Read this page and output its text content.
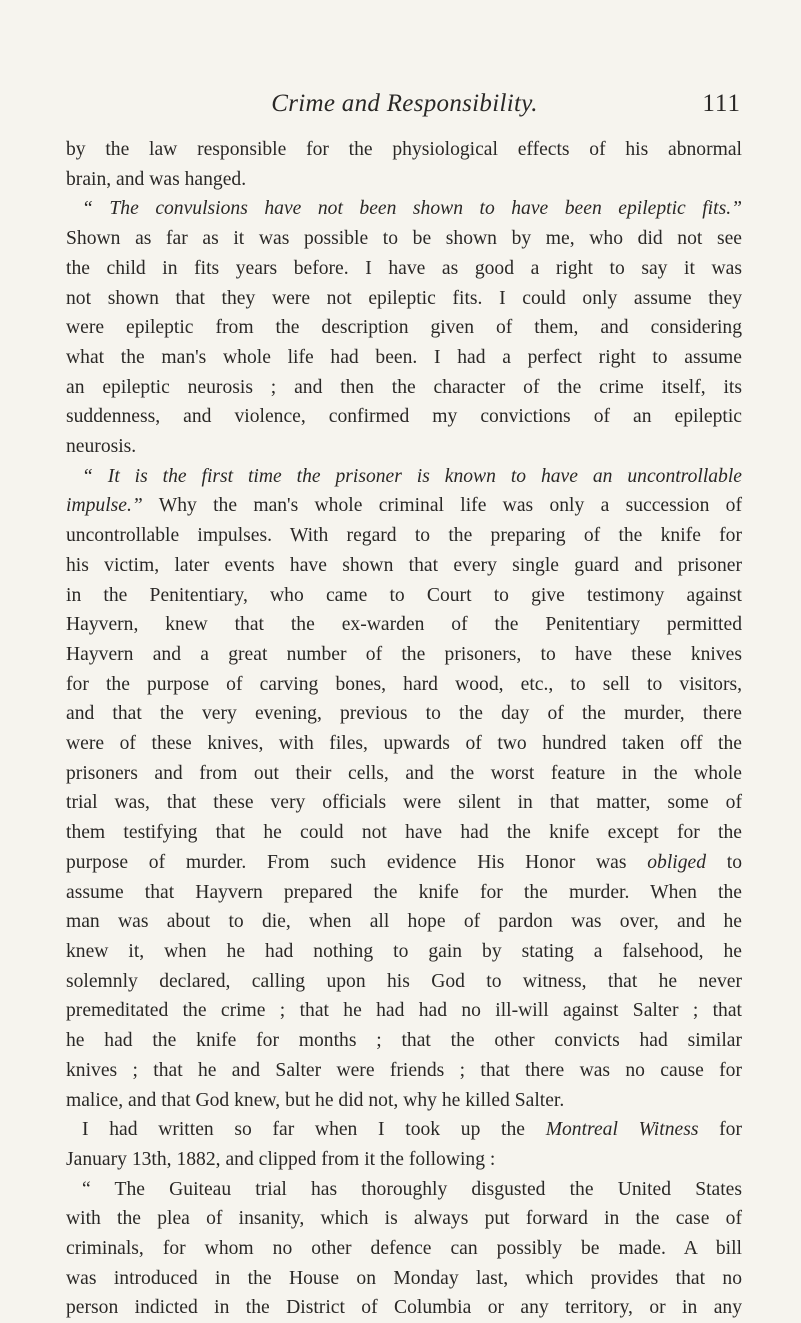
Crime and Responsibility.	111
by the law responsible for the physiological effects of his abnormal
brain, and was hanged.
“ The convulsions have not been shown to have been epileptic fits.”
Shown as far as it was possible to be shown by me, who did not see
the child in fits years before. I have as good a right to say it was
not shown that they were not epileptic fits. I could only assume they
were epileptic from the description given of them, and considering
what the man's whole life had been. I had a perfect right to assume
an epileptic neurosis ; and then the character of the crime itself, its
suddenness, and violence, confirmed my convictions of an epileptic
neurosis.
“ It is the first time the prisoner is known to have an uncontrollable
impulse.” Why the man's whole criminal life was only a succession of
uncontrollable impulses. With regard to the preparing of the knife for
his victim, later events have shown that every single guard and prisoner
in the Penitentiary, who came to Court to give testimony against
Hayvern, knew that the ex-warden of the Penitentiary permitted
Hayvern and a great number of the prisoners, to have these knives
for the purpose of carving bones, hard wood, etc., to sell to visitors,
and that the very evening, previous to the day of the murder, there
were of these knives, with files, upwards of two hundred taken off the
prisoners and from out their cells, and the worst feature in the whole
trial was, that these very officials were silent in that matter, some of
them testifying that he could not have had the knife except for the
purpose of murder. From such evidence His Honor was obliged to
assume that Hayvern prepared the knife for the murder. When the
man was about to die, when all hope of pardon was over, and he
knew it, when he had nothing to gain by stating a falsehood, he
solemnly declared, calling upon his God to witness, that he never
premeditated the crime ; that he had had no ill-will against Salter ; that
he had the knife for months ; that the other convicts had similar
knives ; that he and Salter were friends ; that there was no cause for
malice, and that God knew, but he did not, why he killed Salter.
I had written so far when I took up the Montreal Witness for
January 13th, 1882, and clipped from it the following :
“ The Guiteau trial has thoroughly disgusted the United States
with the plea of insanity, which is always put forward in the case of
criminals, for whom no other defence can possibly be made. A bill
was introduced in the House on Monday last, which provides that no
person indicted in the District of Columbia or any territory, or in any
